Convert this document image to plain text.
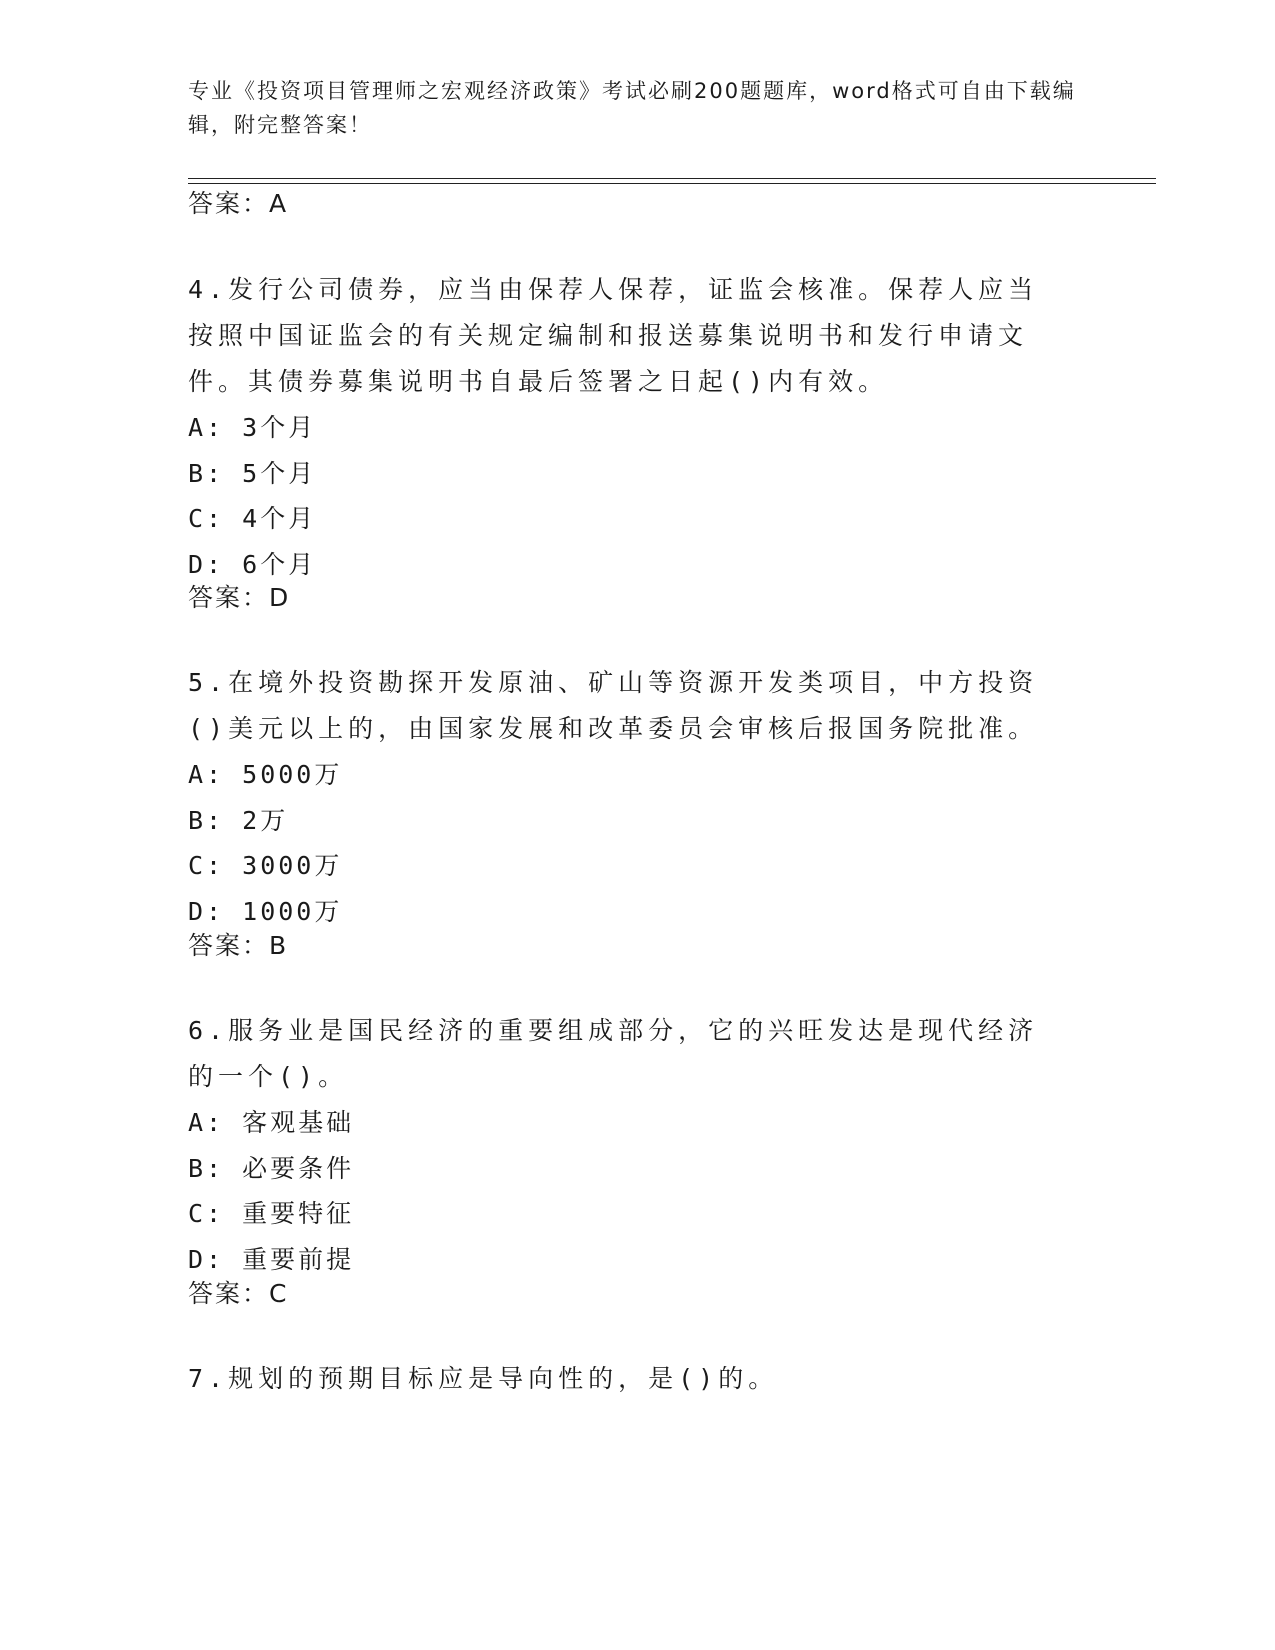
专业《投资项目管理师之宏观经济政策》考试必刷200题题库，word格式可自由下载编辑，附完整答案！
答案：A

4.发行公司债券，应当由保荐人保荐，证监会核准。保荐人应当按照中国证监会的有关规定编制和报送募集说明书和发行申请文件。其债券募集说明书自最后签署之日起()内有效。

A: 3个月

B: 5个月

C: 4个月

D: 6个月

答案：D

5.在境外投资勘探开发原油、矿山等资源开发类项目，中方投资()美元以上的，由国家发展和改革委员会审核后报国务院批准。

A: 5000万

B: 2万

C: 3000万

D: 1000万

答案：B

6.服务业是国民经济的重要组成部分，它的兴旺发达是现代经济的一个()。

A: 客观基础

B: 必要条件

C: 重要特征

D: 重要前提

答案：C

7.规划的预期目标应是导向性的，是()的。
